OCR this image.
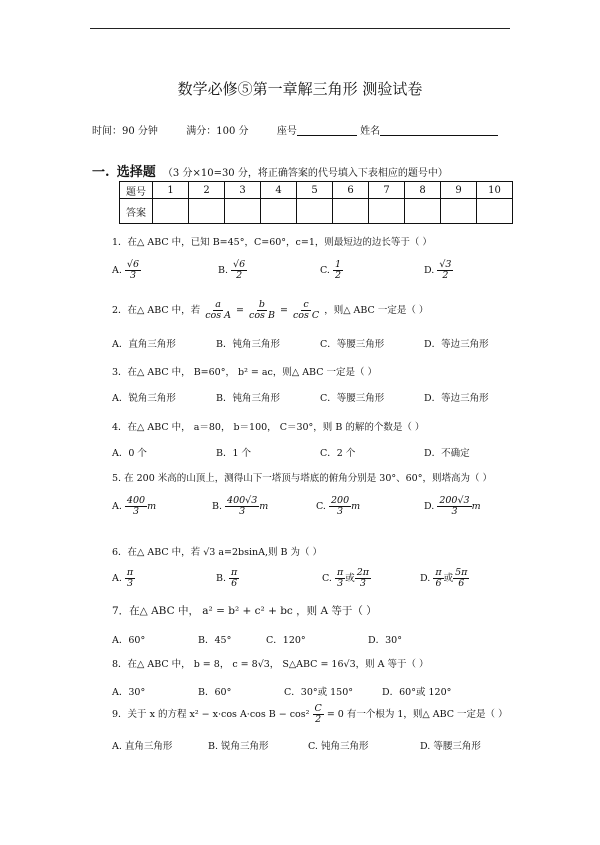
数学必修⑤第一章解三角形 测验试卷
时间：90 分钟	满分：100 分	座号	姓名
一. 选择题 （3 分×10=30 分，将正确答案的代号填入下表相应的题号中）
题号	1	2	3	4	5	6	7	8	9	10
答案										
1．在△ ABC 中，已知 B=45°，C=60°，c=1，则最短边的边长等于（ ）
A. $\frac{√6}{3}$	B. $\frac{√6}{2}$	C. $\frac{1}{2}$	D. $\frac{√3}{2}$
2．在△ ABC 中，若 $\frac{a}{\text{cos A}} = \frac{b}{\text{cos B}} = \frac{c}{\text{cos C}}$ ，则△ ABC 一定是（ ）
A．直角三角形	B．钝角三角形	C．等腰三角形	D．等边三角形
3．在△ ABC 中， B=60°， b² = ac，则△ ABC 一定是（ ）
A．锐角三角形	B．钝角三角形	C．等腰三角形	D．等边三角形
4．在△ ABC 中， a＝80， b＝100， C＝30°，则 B 的解的个数是（ ）
A．0 个	B．1 个	C．2 个	D．不确定
5. 在 200 米高的山顶上，测得山下一塔顶与塔底的俯角分别是 30°、60°，则塔高为（ ）
A. $\frac{400}{3}$ m	B. $\frac{400√3}{3}$ m	C. $\frac{200}{3}$ m	D. $\frac{200√3}{3}$ m
6．在△ ABC 中，若 √3 a=2bsinA,则 B 为（ ）
A. $\frac{\pi}{3}$	B. $\frac{\pi}{6}$	C. $\frac{\pi}{3}$ 或 $\frac{2\pi}{3}$	D. $\frac{\pi}{6}$ 或 $\frac{5\pi}{6}$
7．在△ ABC 中， a² = b² + c² + bc ，则 A 等于（ ）
A．60°	B．45°	C．120°	D．30°
8．在△ ABC 中， b = 8， c = 8√3， S△ABC = 16√3，则 A 等于（ ）
A．30°	B．60°	C．30°或 150°	D．60°或 120°
9．关于 x 的方程 x² − x·cos A·cos $B - \cos^2 \frac{C}{2} = 0$ 有一个根为 1，则△ ABC 一定是（ ）
A. 直角三角形	B. 锐角三角形	C. 钝角三角形	D. 等腰三角形
